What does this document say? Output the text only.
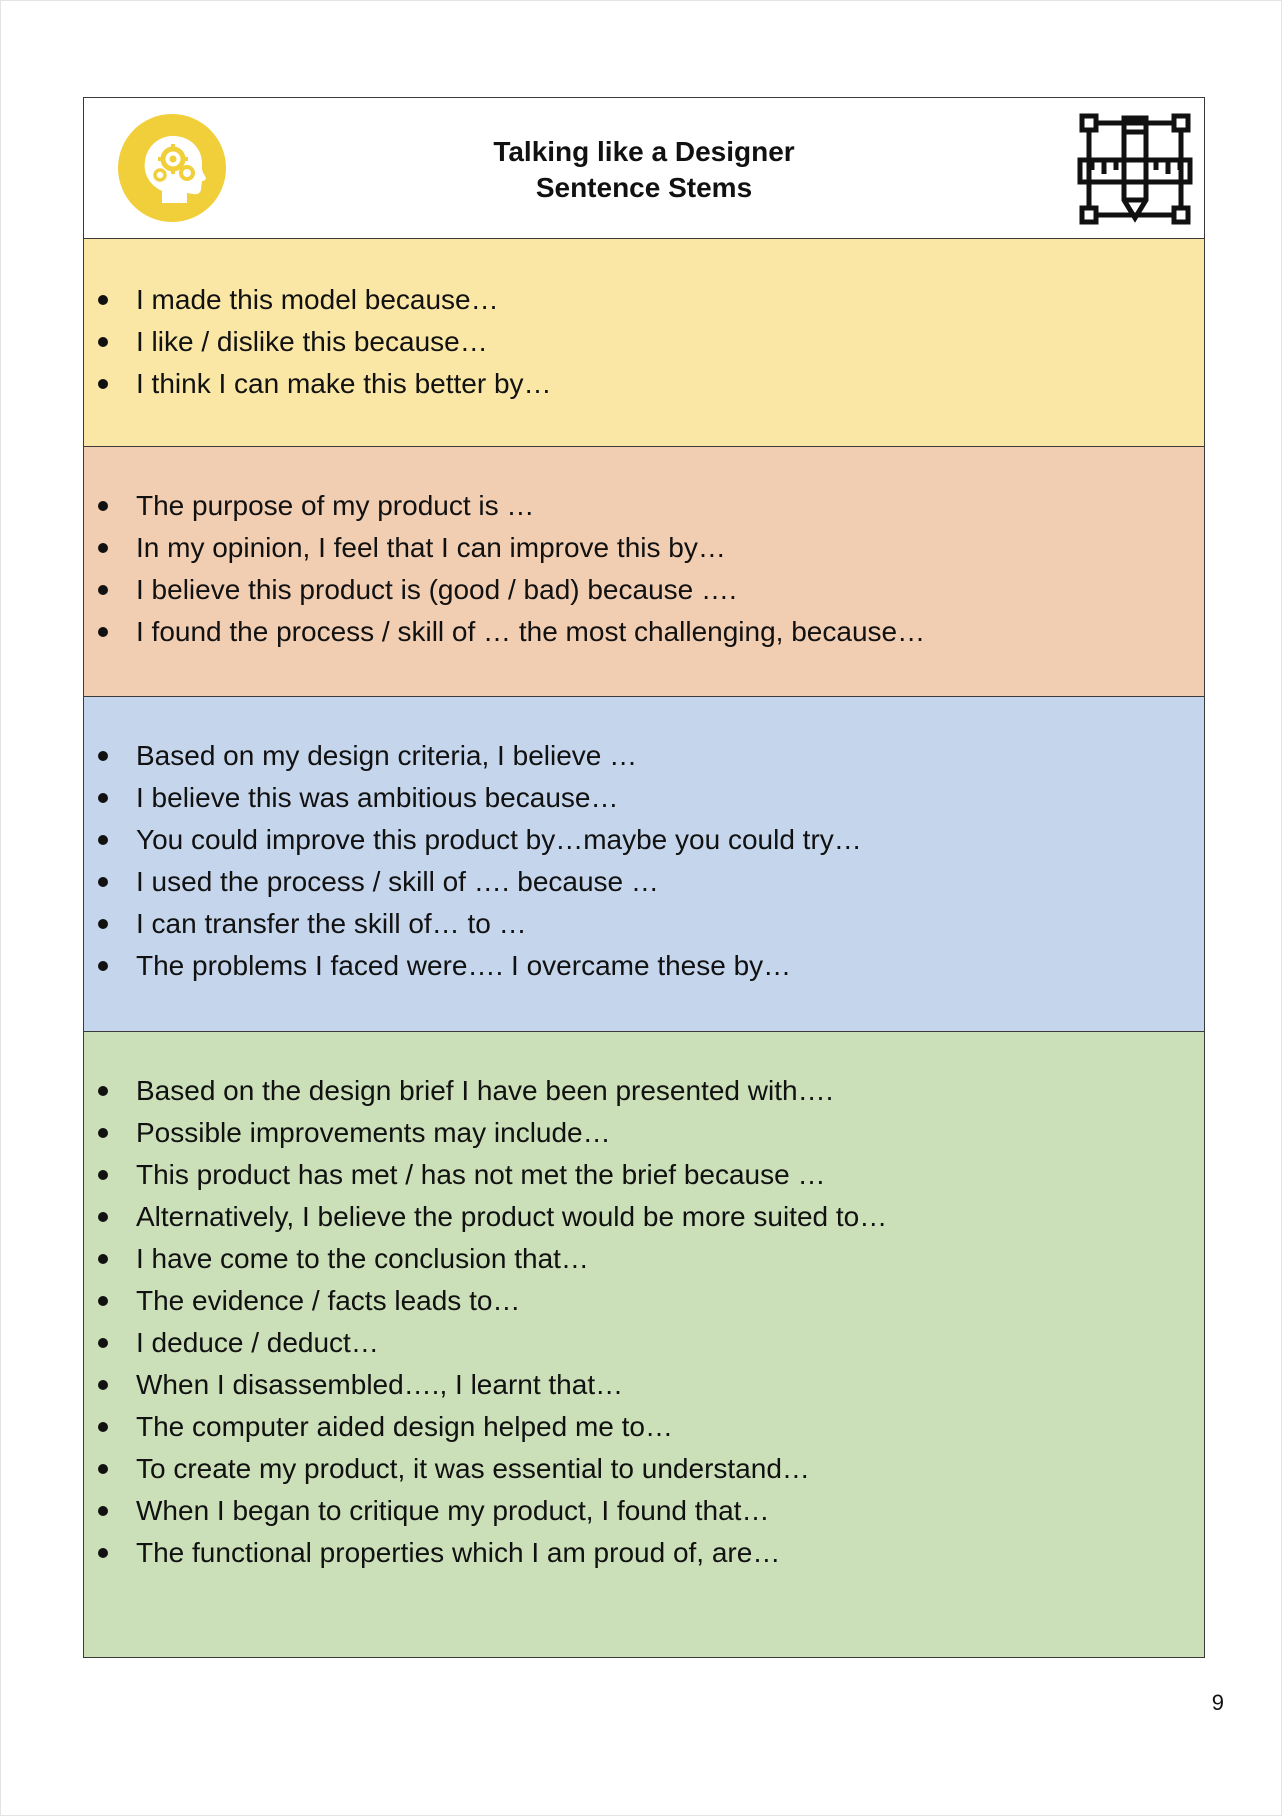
Talking like a Designer
Sentence Stems
I made this model because…
I like / dislike this because…
I think I can make this better by…
The purpose of my product is …
In my opinion, I feel that I can improve this by…
I believe this product is (good / bad) because ….
I found the process / skill of … the most challenging, because…
Based on my design criteria, I believe …
I believe this was ambitious because…
You could improve this product by…maybe you could try…
I used the process / skill of …. because …
I can transfer the skill of… to …
The problems I faced were…. I overcame these by…
Based on the design brief I have been presented with….
Possible improvements may include…
This product has met / has not met the brief because …
Alternatively, I believe the product would be more suited to…
I have come to the conclusion that…
The evidence / facts leads to…
I deduce / deduct…
When I disassembled…., I learnt that…
The computer aided design helped me to…
To create my product, it was essential to understand…
When I began to critique my product, I found that…
The functional properties which I am proud of, are…
9
